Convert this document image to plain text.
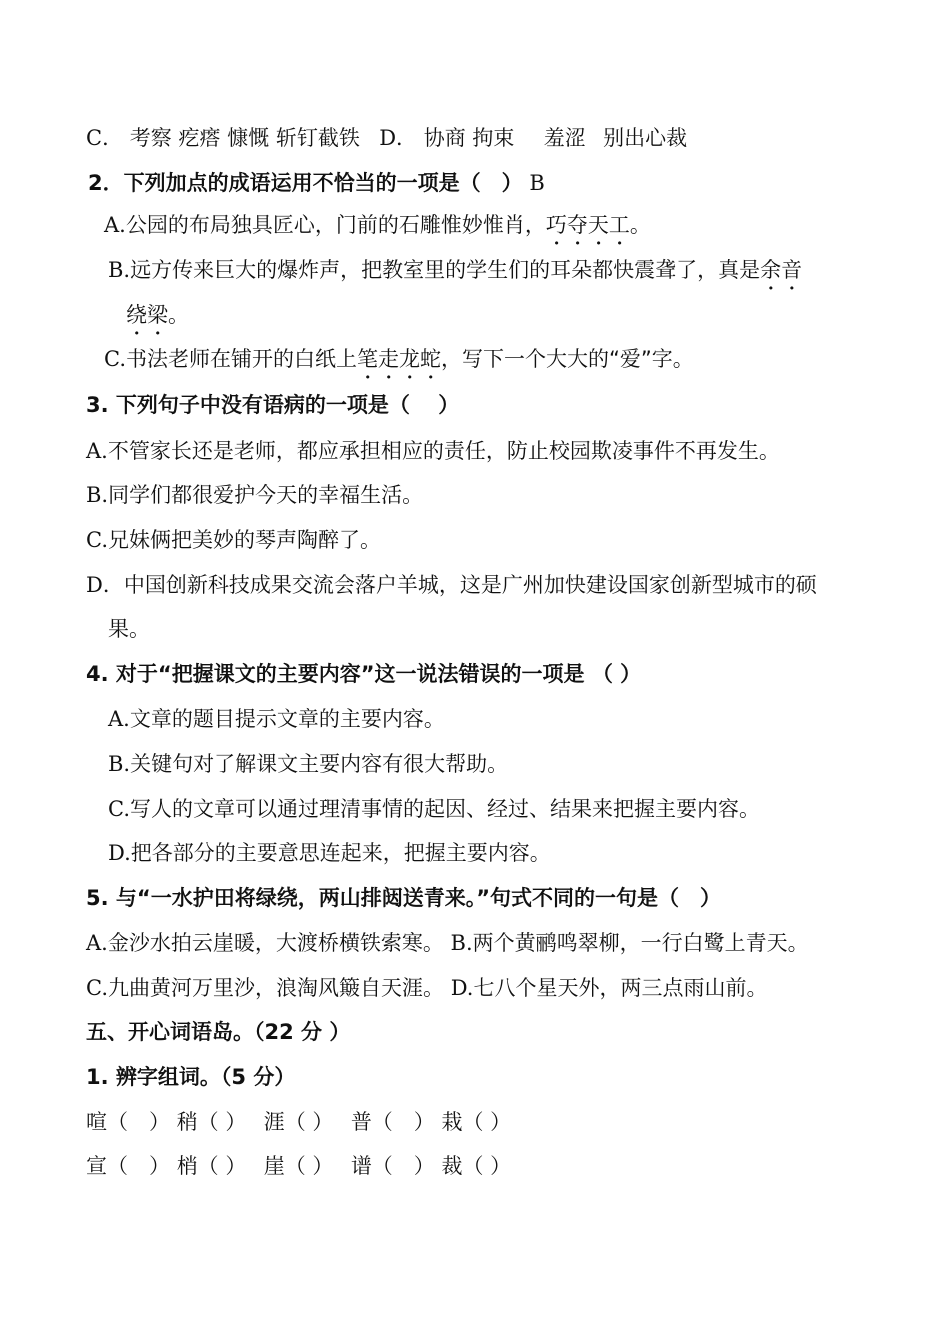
C． 考察 疙瘩 慷慨 斩钉截铁 D． 协商 拘束 羞涩 别出心裁
2．下列加点的成语运用不恰当的一项是（　） B
A.公园的布局独具匠心，门前的石雕惟妙惟肖，巧夺天工。
B.远方传来巨大的爆炸声，把教室里的学生们的耳朵都快震聋了，真是余音
绕梁。
C.书法老师在铺开的白纸上笔走龙蛇，写下一个大大的“爱”字。
3. 下列句子中没有语病的一项是（　 ）
A.不管家长还是老师，都应承担相应的责任，防止校园欺凌事件不再发生。
B.同学们都很爱护今天的幸福生活。
C.兄妹俩把美妙的琴声陶醉了。
D．中国创新科技成果交流会落户羊城，这是广州加快建设国家创新型城市的硕
果。
4. 对于“把握课文的主要内容”这一说法错误的一项是 （ ）
A.文章的题目提示文章的主要内容。
B.关键句对了解课文主要内容有很大帮助。
C.写人的文章可以通过理清事情的起因、经过、结果来把握主要内容。
D.把各部分的主要意思连起来，把握主要内容。
5. 与“一水护田将绿绕，两山排闼送青来。”句式不同的一句是（　）
A.金沙水拍云崖暖，大渡桥横铁索寒。 B.两个黄鹂鸣翠柳，一行白鹭上青天。
C.九曲黄河万里沙，浪淘风簸自天涯。 D.七八个星天外，两三点雨山前。
五、开心词语岛。（22 分 ）
1. 辨字组词。（5 分）
喧（　） 稍（ ） 涯（ ） 普（　） 栽（ ）
宣（　） 梢（ ） 崖（ ） 谱（　） 裁（ ）
